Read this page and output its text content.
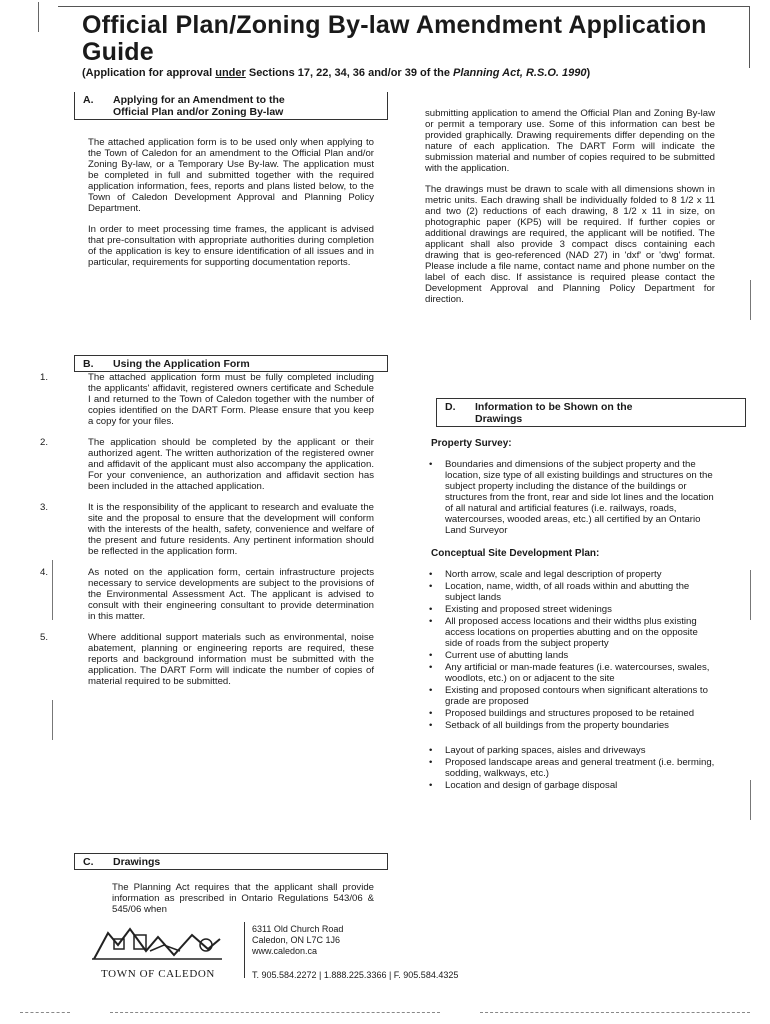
Official Plan/Zoning By-law Amendment Application Guide
(Application for approval under Sections 17, 22, 34, 36 and/or 39 of the Planning Act, R.S.O. 1990)
A. Applying for an Amendment to the
Official Plan and/or Zoning By-law

The attached application form is to be used only when applying to the Town of Caledon for an amendment to the Official Plan and/or Zoning By-law, or a Temporary Use By-law. The application must be completed in full and submitted together with the required application information, fees, reports and plans listed below, to the Town of Caledon Development Approval and Planning Policy Department.

In order to meet processing time frames, the applicant is advised that pre-consultation with appropriate authorities during completion of the application is key to ensure identification of all issues and in particular, requirements for supporting documentation reports.

B. Using the Application Form
1.	The attached application form must be fully completed including the applicants' affidavit, registered owners certificate and Schedule I and returned to the Town of Caledon together with the number of copies identified on the DART Form. Please ensure that you keep a copy for your files.
2.	The application should be completed by the applicant or their authorized agent. The written authorization of the registered owner and affidavit of the applicant must also accompany the application. For your convenience, an authorization and affidavit section has been included in the attached application.
3.	It is the responsibility of the applicant to research and evaluate the site and the proposal to ensure that the development will conform with the interests of the health, safety, convenience and welfare of the present and future residents. Any pertinent information should be reflected in the application form.
4.	As noted on the application form, certain infrastructure projects necessary to service developments are subject to the provisions of the Environmental Assessment Act. The applicant is advised to consult with their engineering consultant to provide determination in this matter.
5.	Where additional support materials such as environmental, noise abatement, planning or engineering reports are required, these reports and background information must be submitted with the application. The DART Form will indicate the number of copies of material required to be submitted.
C. Drawings

The Planning Act requires that the applicant shall provide information as prescribed in Ontario Regulations 543/06 & 545/06 when

submitting application to amend the Official Plan and Zoning By-law or permit a temporary use. Some of this information can best be provided graphically. Drawing requirements differ depending on the nature of each application. The DART Form will indicate the submission material and number of copies required to be submitted with the application.

The drawings must be drawn to scale with all dimensions shown in metric units. Each drawing shall be individually folded to 8 1/2 x 11 and two (2) reductions of each drawing, 8 1/2 x 11 in size, on photographic paper (KP5) will be required. If further copies or additional drawings are required, the applicant will be notified. The applicant shall also provide 3 compact discs containing each drawing that is geo-referenced (NAD 27) in 'dxf' or 'dwg' format. Please include a file name, contact name and phone number on the label of each disc. If assistance is required please contact the Development Approval and Planning Policy Department for direction.

D. Information to be Shown on the
Drawings
Property Survey:
• Boundaries and dimensions of the subject property and the location, size type of all existing buildings and structures on the subject property including the distance of the buildings or structures from the front, rear and side lot lines and the location of all natural and artificial features (i.e. railways, roads, watercourses, wooded areas, etc.) all certified by an Ontario Land Surveyor
Conceptual Site Development Plan:
• North arrow, scale and legal description of property
• Location, name, width, of all roads within and abutting the subject lands
• Existing and proposed street widenings
• All proposed access locations and their widths plus existing access locations on properties abutting and on the opposite side of roads from the subject property
• Current use of abutting lands
• Any artificial or man-made features (i.e. watercourses, swales, woodlots, etc.) on or adjacent to the site
• Existing and proposed contours when significant alterations to grade are proposed
• Proposed buildings and structures proposed to be retained
• Setback of all buildings from the property boundaries
• Layout of parking spaces, aisles and driveways
• Proposed landscape areas and general treatment (i.e. berming, sodding, walkways, etc.)
• Location and design of garbage disposal
TOWN OF CALEDON
6311 Old Church Road
Caledon, ON L7C 1J6
www.caledon.ca
T. 905.584.2272 | 1.888.225.3366 | F. 905.584.4325
